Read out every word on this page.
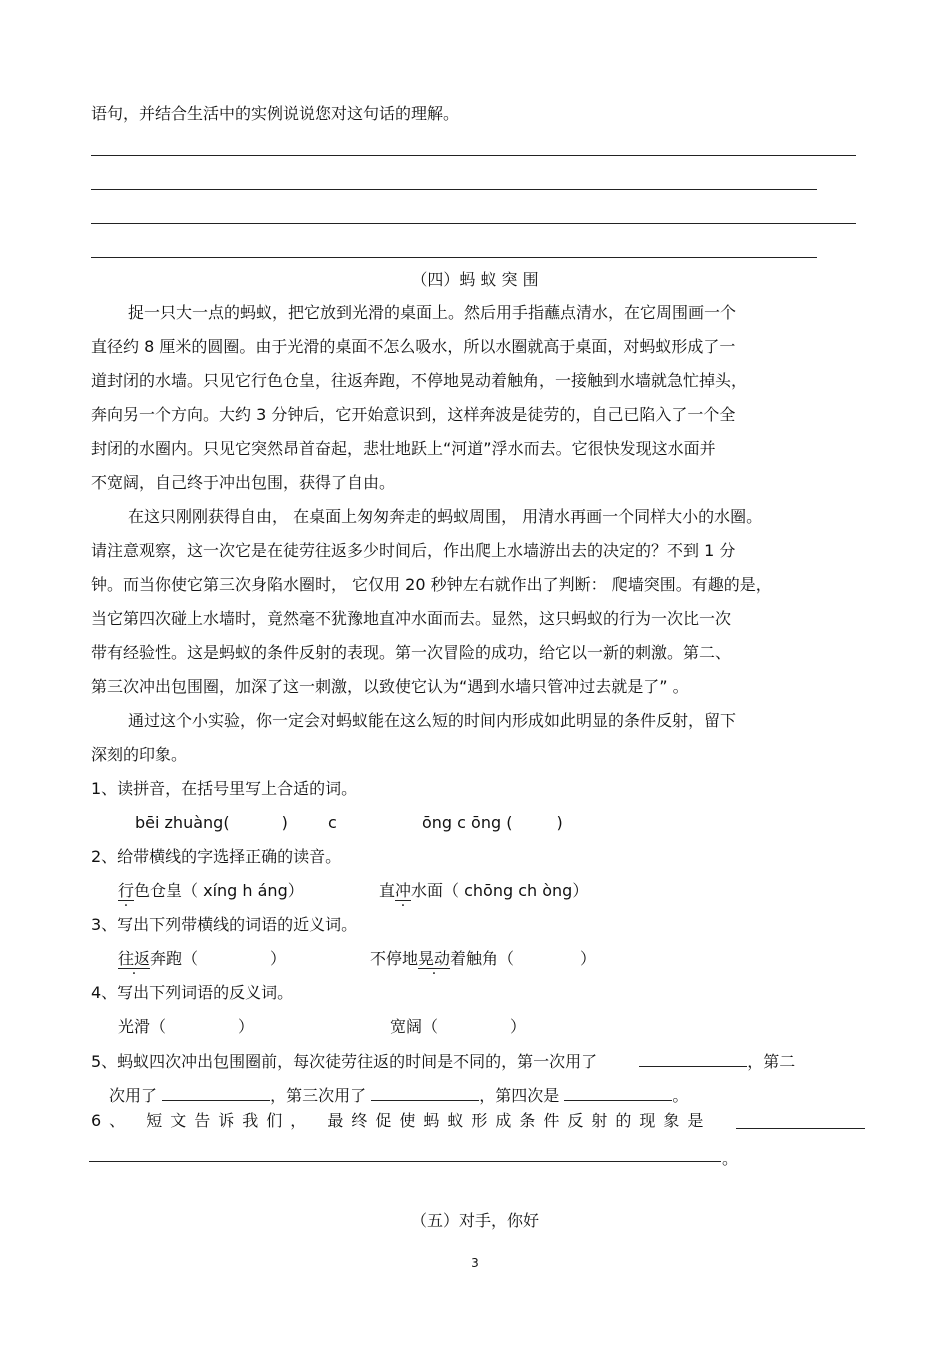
语句，并结合生活中的实例说说您对这句话的理解。
（四）蚂 蚁 突 围
捉一只大一点的蚂蚁，把它放到光滑的桌面上。然后用手指蘸点清水，在它周围画一个
直径约 8 厘米的圆圈。由于光滑的桌面不怎么吸水，所以水圈就高于桌面，对蚂蚁形成了一
道封闭的水墙。只见它行色仓皇，往返奔跑，不停地晃动着触角，一接触到水墙就急忙掉头，
奔向另一个方向。大约 3 分钟后，它开始意识到，这样奔波是徒劳的，自己已陷入了一个全
封闭的水圈内。只见它突然昂首奋起，悲壮地跃上“河道”浮水而去。它很快发现这水面并
不宽阔，自己终于冲出包围，获得了自由。
在这只刚刚获得自由， 在桌面上匆匆奔走的蚂蚁周围， 用清水再画一个同样大小的水圈。
请注意观察，这一次它是在徒劳往返多少时间后，作出爬上水墙游出去的决定的？不到 1 分
钟。而当你使它第三次身陷水圈时， 它仅用 20 秒钟左右就作出了判断： 爬墙突围。有趣的是，
当它第四次碰上水墙时，竟然毫不犹豫地直冲水面而去。显然，这只蚂蚁的行为一次比一次
带有经验性。这是蚂蚁的条件反射的表现。第一次冒险的成功，给它以一新的刺激。第二、
第三次冲出包围圈，加深了这一刺激，以致使它认为“遇到水墙只管冲过去就是了” 。
通过这个小实验，你一定会对蚂蚁能在这么短的时间内形成如此明显的条件反射，留下
深刻的印象。
1、读拼音，在括号里写上合适的词。
bēi zhuàng(	)	c	ōng c ōng (	)
2、给带横线的字选择正确的读音。
行色仓皇（ xíng h áng）	直冲水面（ chōng ch òng）
3、写出下列带横线的词语的近义词。
往返奔跑（	）	不停地晃动着触角（	）
4、写出下列词语的反义词。
光滑（	）	宽阔（	）
5、蚂蚁四次冲出包围圈前，每次徒劳往返的时间是不同的，第一次用了	，第二
次用了	，第三次用了	，第四次是	。
6、 短文告诉我们， 最终促使蚂蚁形成条件反射的现象是
。
（五）对手，你好
3
